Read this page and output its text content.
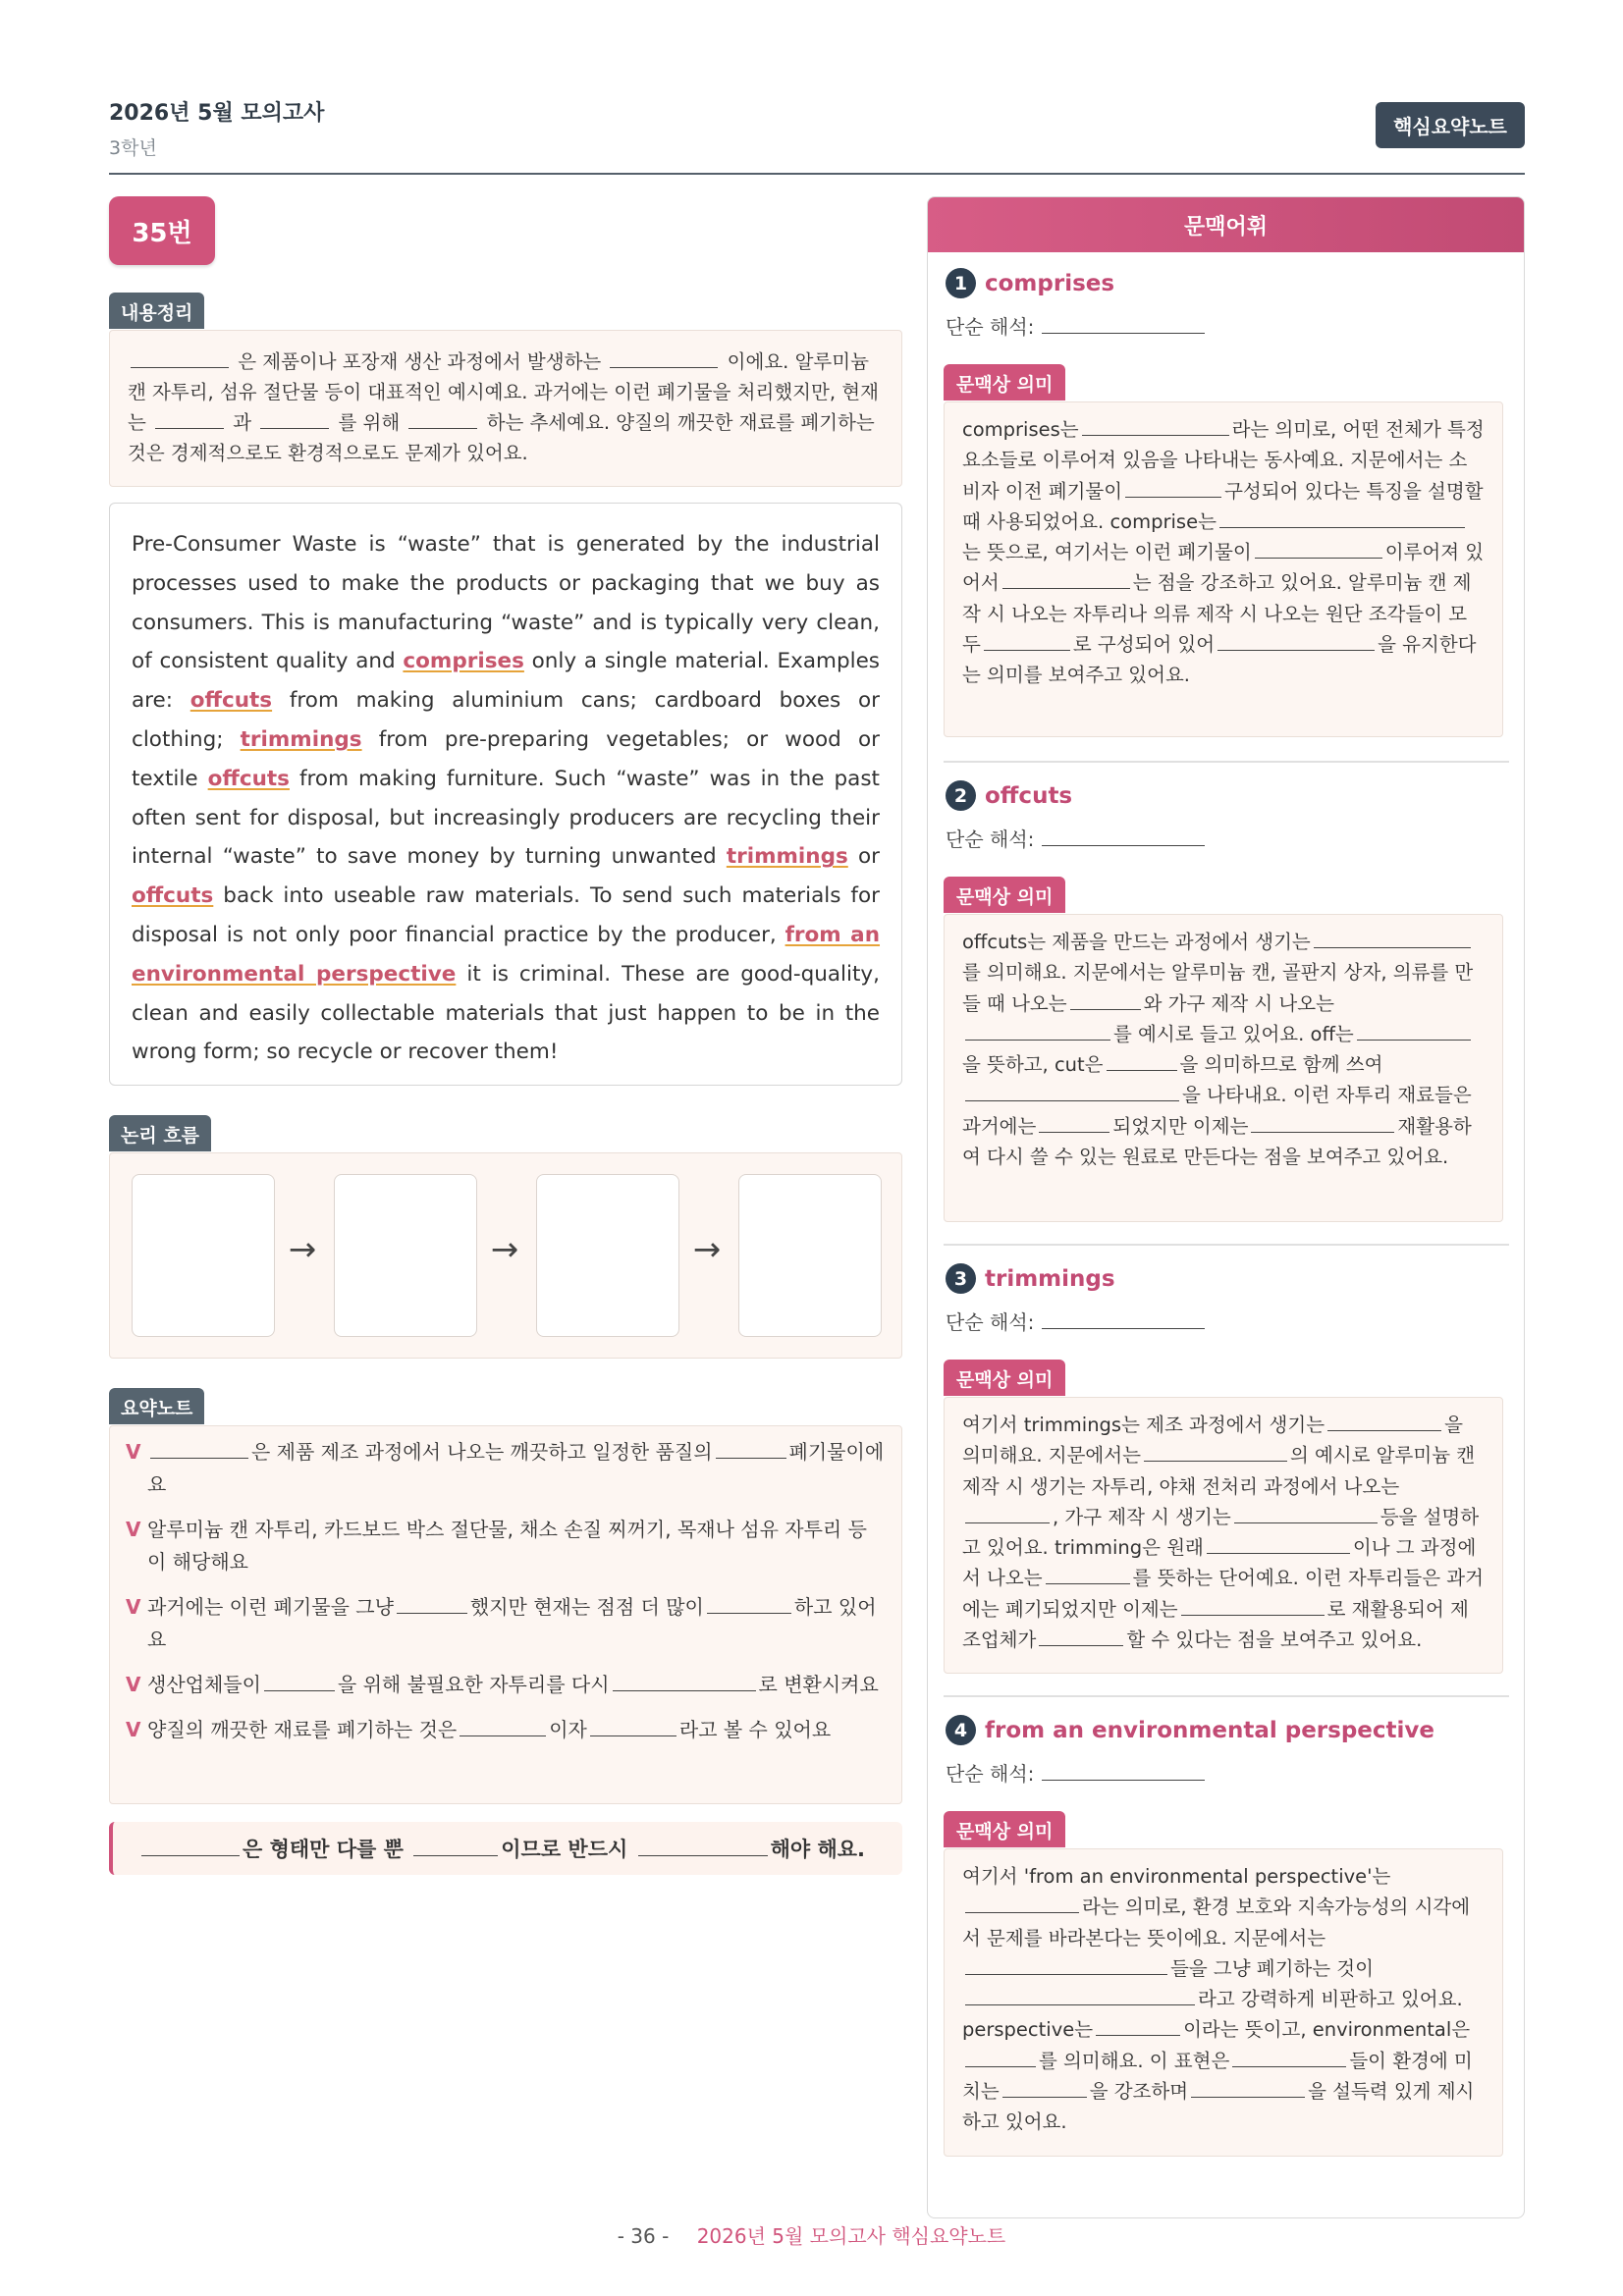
2026년 5월 모의고사
3학년
핵심요약노트
35번
내용정리
은 제품이나 포장재 생산 과정에서 발생하는	이에요. 알루미늄 캔 자투리, 섬유 절단물 등이 대표적인 예시예요. 과거에는 이런 폐기물을 처리했지만, 현재는	과	를 위해	하는 추세예요. 양질의 깨끗한 재료를 폐기하는 것은 경제적으로도 환경적으로도 문제가 있어요.

Pre-Consumer Waste is “waste” that is generated by the industrial processes used to make the products or packaging that we buy as consumers. This is manufacturing “waste” and is typically very clean, of consistent quality and comprises only a single material. Examples are: offcuts from making aluminium cans; cardboard boxes or clothing; trimmings from pre-preparing vegetables; or wood or textile offcuts from making furniture. Such “waste” was in the past often sent for disposal, but increasingly producers are recycling their internal “waste” to save money by turning unwanted trimmings or offcuts back into useable raw materials. To send such materials for disposal is not only poor financial practice by the producer, from an environmental perspective it is criminal. These are good-quality, clean and easily collectable materials that just happen to be in the wrong form; so recycle or recover them!

논리 흐름
→	→	→
요약노트
V	은 제품 제조 과정에서 나오는 깨끗하고 일정한 품질의	폐기물이에요
V 알루미늄 캔 자투리, 카드보드 박스 절단물, 채소 손질 찌꺼기, 목재나 섬유 자투리 등이 해당해요
V 과거에는 이런 폐기물을 그냥	했지만 현재는 점점 더 많이	하고 있어요
V 생산업체들이	을 위해 불필요한 자투리를 다시	로 변환시켜요
V 양질의 깨끗한 재료를 폐기하는 것은	이자	라고 볼 수 있어요
은 형태만 다를 뿐	이므로 반드시	해야 해요.
문맥어휘
1 comprises
단순 해석:
문맥상 의미
comprises는	라는 의미로, 어떤 전체가 특정 요소들로 이루어져 있음을 나타내는 동사예요. 지문에서는 소비자 이전 폐기물이	구성되어 있다는 특징을 설명할 때 사용되었어요. comprise는는 뜻으로, 여기서는 이런 폐기물이	이루어져 있어서	는 점을 강조하고 있어요. 알루미늄 캔 제작 시 나오는 자투리나 의류 제작 시 나오는 원단 조각들이 모두	로 구성되어 있어	을 유지한다는 의미를 보여주고 있어요.
2 offcuts
단순 해석:
문맥상 의미
offcuts는 제품을 만드는 과정에서 생기는를 의미해요. 지문에서는 알루미늄 캔, 골판지 상자, 의류를 만들 때 나오는	와 가구 제작 시 나오는를 예시로 들고 있어요. off는을 뜻하고, cut은	을 의미하므로 함께 쓰여을 나타내요. 이런 자투리 재료들은 과거에는	되었지만 이제는	재활용하여 다시 쓸 수 있는 원료로 만든다는 점을 보여주고 있어요.
3 trimmings
단순 해석:
문맥상 의미
여기서 trimmings는 제조 과정에서 생기는	을 의미해요. 지문에서는	의 예시로 알루미늄 캔 제작 시 생기는 자투리, 야채 전처리 과정에서 나오는, 가구 제작 시 생기는	등을 설명하고 있어요. trimming은 원래	이나 그 과정에서 나오는	를 뜻하는 단어예요. 이런 자투리들은 과거에는 폐기되었지만 이제는	로 재활용되어 제조업체가	할 수 있다는 점을 보여주고 있어요.
4 from an environmental perspective
단순 해석:
문맥상 의미
여기서 'from an environmental perspective'는라는 의미로, 환경 보호와 지속가능성의 시각에서 문제를 바라본다는 뜻이에요. 지문에서는들을 그냥 폐기하는 것이라고 강력하게 비판하고 있어요. perspective는	이라는 뜻이고, environmental은를 의미해요. 이 표현은	들이 환경에 미치는	을 강조하며	을 설득력 있게 제시하고 있어요.
- 36 - 2026년 5월 모의고사 핵심요약노트
